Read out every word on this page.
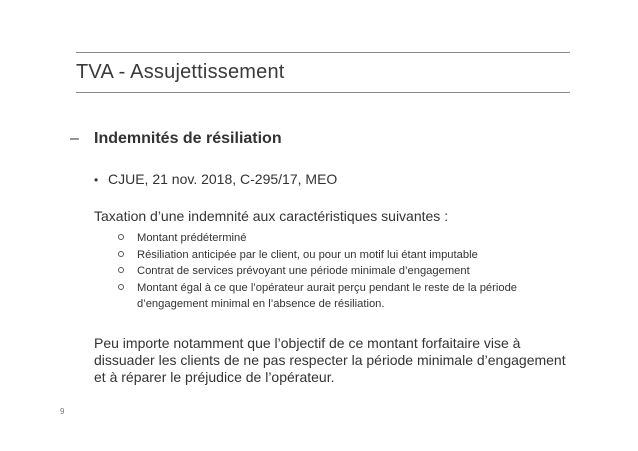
TVA - Assujettissement
– Indemnités de résiliation
• CJUE, 21 nov. 2018, C-295/17, MEO
Taxation d’une indemnité aux caractéristiques suivantes :
Montant prédéterminé
Résiliation anticipée par le client, ou pour un motif lui étant imputable
Contrat de services prévoyant une période minimale d’engagement
Montant égal à ce que l’opérateur aurait perçu pendant le reste de la période d’engagement minimal en l’absence de résiliation.
Peu importe notamment que l’objectif de ce montant forfaitaire vise à dissuader les clients de ne pas respecter la période minimale d’engagement et à réparer le préjudice de l’opérateur.
9
